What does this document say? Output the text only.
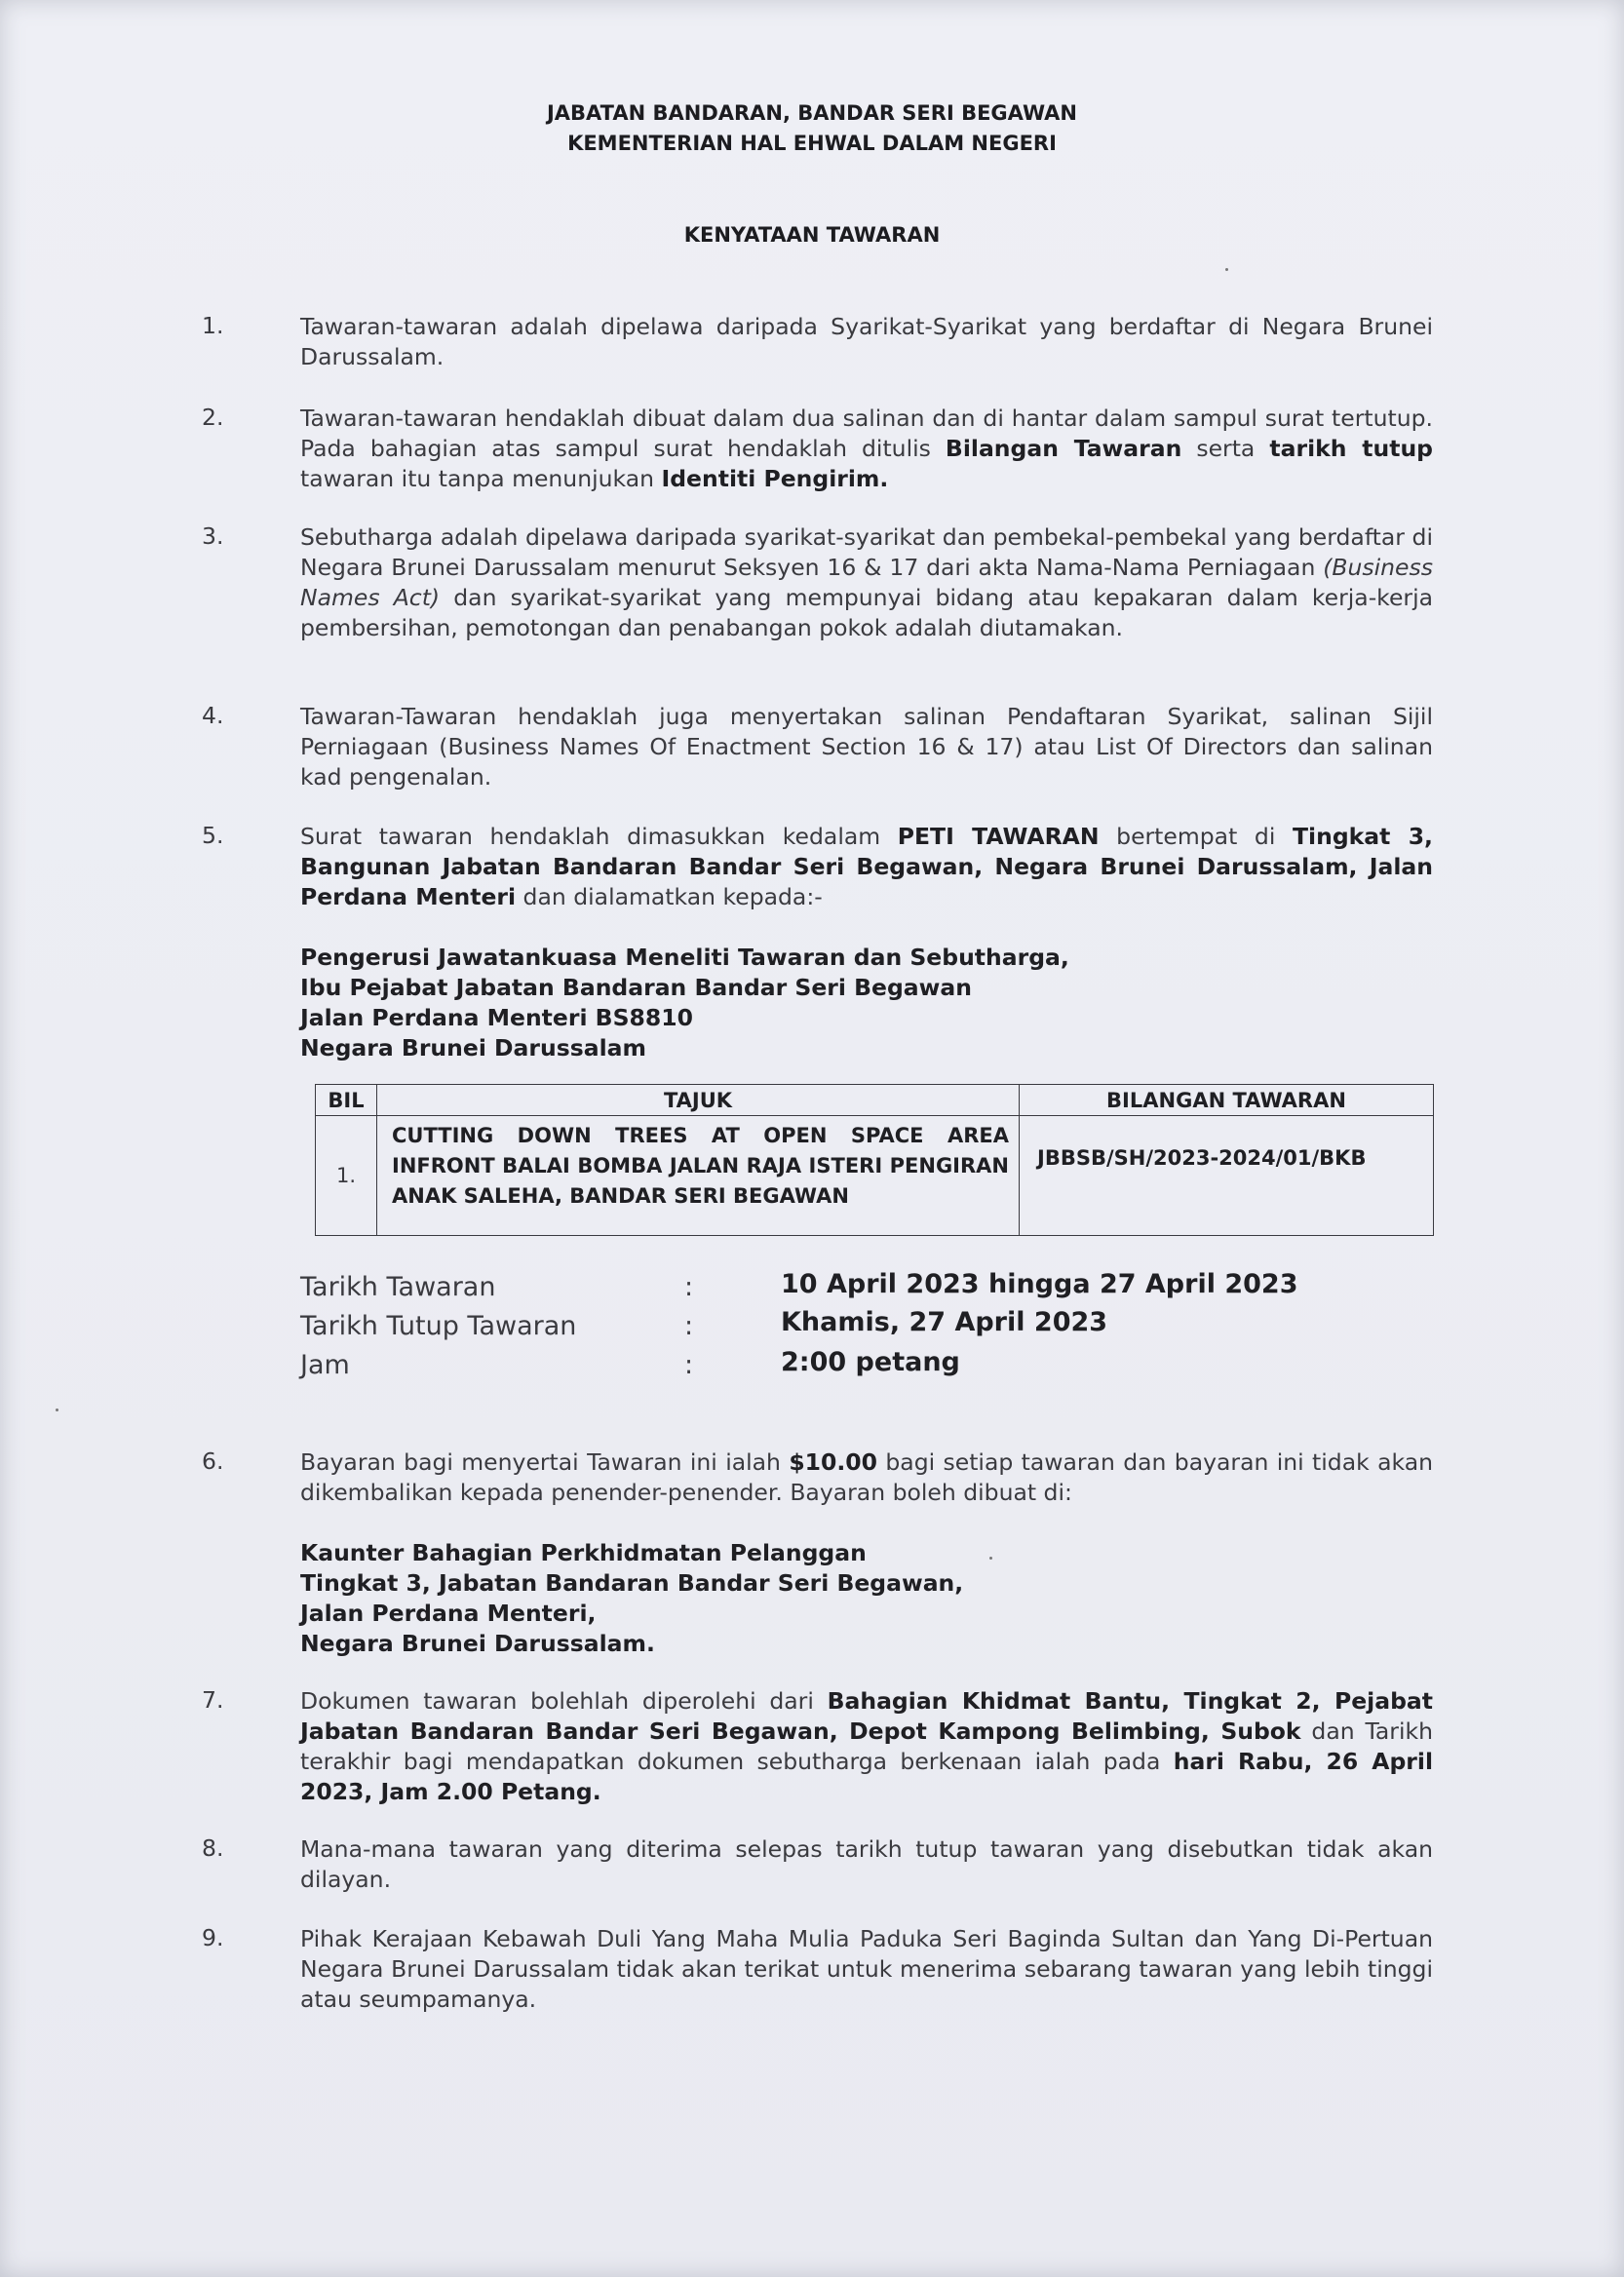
JABATAN BANDARAN, BANDAR SERI BEGAWAN
KEMENTERIAN HAL EHWAL DALAM NEGERI
KENYATAAN TAWARAN
1.	Tawaran-tawaran adalah dipelawa daripada Syarikat-Syarikat yang berdaftar di Negara Brunei Darussalam.

2.	Tawaran-tawaran hendaklah dibuat dalam dua salinan dan di hantar dalam sampul surat tertutup. Pada bahagian atas sampul surat hendaklah ditulis Bilangan Tawaran serta tarikh tutup tawaran itu tanpa menunjukan Identiti Pengirim.

3.	Sebutharga adalah dipelawa daripada syarikat-syarikat dan pembekal-pembekal yang berdaftar di Negara Brunei Darussalam menurut Seksyen 16 & 17 dari akta Nama-Nama Perniagaan (Business Names Act) dan syarikat-syarikat yang mempunyai bidang atau kepakaran dalam kerja-kerja pembersihan, pemotongan dan penabangan pokok adalah diutamakan.

4.	Tawaran-Tawaran hendaklah juga menyertakan salinan Pendaftaran Syarikat, salinan Sijil Perniagaan (Business Names Of Enactment Section 16 & 17) atau List Of Directors dan salinan kad pengenalan.

5.	Surat tawaran hendaklah dimasukkan kedalam PETI TAWARAN bertempat di Tingkat 3, Bangunan Jabatan Bandaran Bandar Seri Begawan, Negara Brunei Darussalam, Jalan Perdana Menteri dan dialamatkan kepada:-

Pengerusi Jawatankuasa Meneliti Tawaran dan Sebutharga,

Ibu Pejabat Jabatan Bandaran Bandar Seri Begawan

Jalan Perdana Menteri BS8810

Negara Brunei Darussalam

BIL	TAJUK	BILANGAN TAWARAN
1.	CUTTING DOWN TREES AT OPEN SPACE AREA INFRONT BALAI BOMBA JALAN RAJA ISTERI PENGIRAN ANAK SALEHA, BANDAR SERI BEGAWAN	JBBSB/SH/2023-2024/01/BKB
Tarikh Tawaran	:	10 April 2023 hingga 27 April 2023
Tarikh Tutup Tawaran	:	Khamis, 27 April 2023
Jam	:	2:00 petang
6.	Bayaran bagi menyertai Tawaran ini ialah $10.00 bagi setiap tawaran dan bayaran ini tidak akan dikembalikan kepada penender-penender. Bayaran boleh dibuat di:

Kaunter Bahagian Perkhidmatan Pelanggan

Tingkat 3, Jabatan Bandaran Bandar Seri Begawan,

Jalan Perdana Menteri,

Negara Brunei Darussalam.

7.	Dokumen tawaran bolehlah diperolehi dari Bahagian Khidmat Bantu, Tingkat 2, Pejabat Jabatan Bandaran Bandar Seri Begawan, Depot Kampong Belimbing, Subok dan Tarikh terakhir bagi mendapatkan dokumen sebutharga berkenaan ialah pada hari Rabu, 26 April 2023, Jam 2.00 Petang.

8.	Mana-mana tawaran yang diterima selepas tarikh tutup tawaran yang disebutkan tidak akan dilayan.

9.	Pihak Kerajaan Kebawah Duli Yang Maha Mulia Paduka Seri Baginda Sultan dan Yang Di-Pertuan Negara Brunei Darussalam tidak akan terikat untuk menerima sebarang tawaran yang lebih tinggi atau seumpamanya.
